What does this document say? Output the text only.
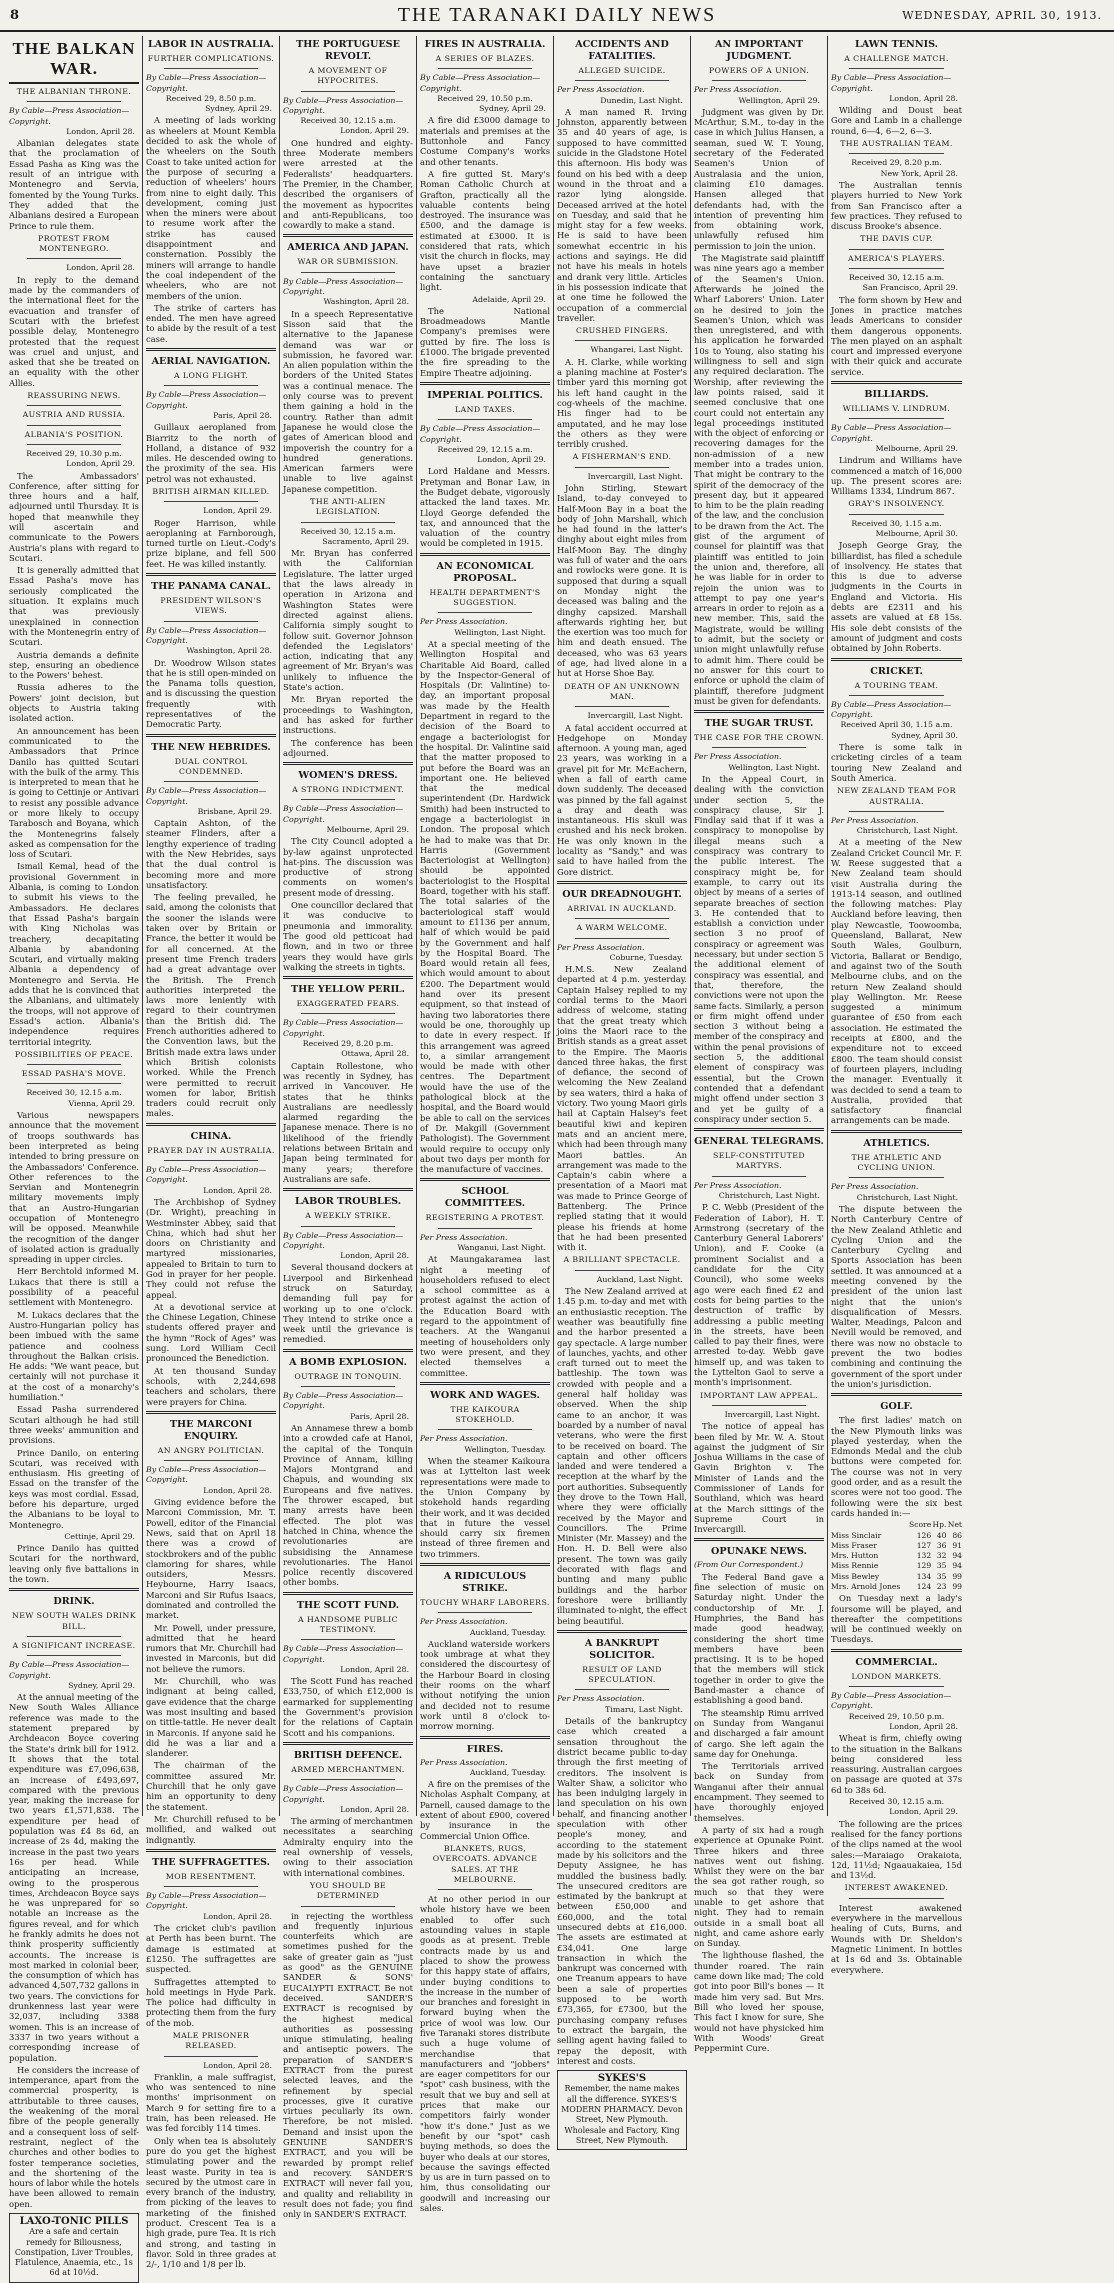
8	THE TARANAKI DAILY NEWS	WEDNESDAY, APRIL 30, 1913.
THE BALKAN WAR.
THE ALBANIAN THRONE.
By Cable—Press Association—Copyright.
London, April 28.

Albanian delegates state that the proclamation of Essad Pasha as King was the result of an intrigue with Montenegro and Servia, fomented by the Young Turks. They added that the Albanians desired a European Prince to rule them.

PROTEST FROM MONTENEGRO.
London, April 28.

In reply to the demand made by the commanders of the international fleet for the evacuation and transfer of Scutari with the briefest possible delay, Montenegro protested that the request was cruel and unjust, and asked that she be treated on an equality with the other Allies.

REASSURING NEWS.
AUSTRIA AND RUSSIA.
ALBANIA'S POSITION.
Received 29, 10.30 p.m.
London, April 29.

The Ambassadors' Conference, after sitting for three hours and a half, adjourned until Thursday. It is hoped that meanwhile they will ascertain and communicate to the Powers Austria's plans with regard to Scutari.

It is generally admitted that Essad Pasha's move has seriously complicated the situation. It explains much that was previously unexplained in connection with the Montenegrin entry of Scutari.

Austria demands a definite step, ensuring an obedience to the Powers' behest.

Russia adheres to the Powers' joint decision, but objects to Austria taking isolated action.

An announcement has been communicated to the Ambassadors that Prince Danilo has quitted Scutari with the bulk of the army. This is interpreted to mean that he is going to Cettinje or Antivari to resist any possible advance or more likely to occupy Tarabosch and Boyana, which the Montenegrins falsely asked as compensation for the loss of Scutari.

Ismail Kemal, head of the provisional Government in Albania, is coming to London to submit his views to the Ambassadors. He declares that Essad Pasha's bargain with King Nicholas was treachery, decapitating Albania by abandoning Scutari, and virtually making Albania a dependency of Montenegro and Servia. He adds that he is convinced that the Albanians, and ultimately the troops, will not approve of Essad's action. Albania's independence requires territorial integrity.

POSSIBILITIES OF PEACE.
ESSAD PASHA'S MOVE.
Received 30, 12.15 a.m.
Vienna, April 29.

Various newspapers announce that the movement of troops southwards has been interpreted as being intended to bring pressure on the Ambassadors' Conference. Other references to the Servian and Montenegrin military movements imply that an Austro-Hungarian occupation of Montenegro will be opposed. Meanwhile the recognition of the danger of isolated action is gradually spreading in upper circles.

Herr Berchtold informed M. Lukacs that there is still a possibility of a peaceful settlement with Montenegro.

M. Lukacs declares that the Austro-Hungarian policy has been imbued with the same patience and coolness throughout the Balkan crisis. He adds: "We want peace, but certainly will not purchase it at the cost of a monarchy's humiliation."

Essad Pasha surrendered Scutari although he had still three weeks' ammunition and provisions.

Prince Danilo, on entering Scutari, was received with enthusiasm. His greeting of Essad on the transfer of the keys was most cordial. Essad, before his departure, urged the Albanians to be loyal to Montenegro.

Cettinje, April 29.

Prince Danilo has quitted Scutari for the northward, leaving only five battalions in the town.

DRINK.
NEW SOUTH WALES DRINK BILL.
A SIGNIFICANT INCREASE.
By Cable—Press Association—Copyright.
Sydney, April 29.

At the annual meeting of the New South Wales Alliance reference was made to the statement prepared by Archdeacon Boyce covering the State's drink bill for 1912. It shows that the total expenditure was £7,096,638, an increase of £493,697, compared with the previous year, making the increase for two years £1,571,838. The expenditure per head of population was £4 8s 6d, an increase of 2s 4d, making the increase in the past two years 16s per head. While anticipating an increase, owing to the prosperous times, Archdeacon Boyce says he was unprepared for so notable an increase as the figures reveal, and for which he frankly admits he does not think prosperity sufficiently accounts. The increase is most marked in colonial beer, the consumption of which has advanced 4,507,732 gallons in two years. The convictions for drunkenness last year were 32,037, including 3388 women. This is an increase of 3337 in two years without a corresponding increase of population.

He considers the increase of intemperance, apart from the commercial prosperity, is attributable to three causes, the weakening of the moral fibre of the people generally and a consequent loss of self-restraint, neglect of the churches and other bodies to foster temperance societies, and the shortening of the hours of labor while the hotels have been allowed to remain open.

LAXO-TONIC PILLS
Are a safe and certain remedy for Biliousness, Constipation, Liver Troubles, Flatulence, Anaemia, etc., 1s 6d at 10½d.
LABOR IN AUSTRALIA.
FURTHER COMPLICATIONS.
By Cable—Press Association—Copyright.
Received 29, 8.50 p.m.
Sydney, April 29.

A meeting of lads working as wheelers at Mount Kembla decided to ask the whole of the wheelers on the South Coast to take united action for the purpose of securing a reduction of wheelers' hours from nine to eight daily. This development, coming just when the miners were about to resume work after the strike has caused disappointment and consternation. Possibly the miners will arrange to handle the coal independent of the wheelers, who are not members of the union.

The strike of carters has ended. The men have agreed to abide by the result of a test case.

AERIAL NAVIGATION.
A LONG FLIGHT.
By Cable—Press Association—Copyright.
Paris, April 28.

Guillaux aeroplaned from Biarritz to the north of Holland, a distance of 932 miles. He descended owing to the proximity of the sea. His petrol was not exhausted.

BRITISH AIRMAN KILLED.
London, April 29.

Roger Harrison, while aeroplaning at Farnborough, turned turtle on Lieut.-Cody's prize biplane, and fell 500 feet. He was killed instantly.

THE PANAMA CANAL.
PRESIDENT WILSON'S VIEWS.
By Cable—Press Association—Copyright.
Washington, April 28.

Dr. Woodrow Wilson states that he is still open-minded on the Panama tolls question, and is discussing the question frequently with representatives of the Democratic Party.

THE NEW HEBRIDES.
DUAL CONTROL CONDEMNED.
By Cable—Press Association—Copyright.
Brisbane, April 29.

Captain Ashton, of the steamer Flinders, after a lengthy experience of trading with the New Hebrides, says that the dual control is becoming more and more unsatisfactory.

The feeling prevailed, he said, among the colonists that the sooner the islands were taken over by Britain or France, the better it would be for all concerned. At the present time French traders had a great advantage over the British. The French authorities interpreted the laws more leniently with regard to their countrymen than the British did. The French authorities adhered to the Convention laws, but the British made extra laws under which British colonists worked. While the French were permitted to recruit women for labor, British traders could recruit only males.

CHINA.
PRAYER DAY IN AUSTRALIA.
By Cable—Press Association—Copyright.
London, April 28.

The Archbishop of Sydney (Dr. Wright), preaching in Westminster Abbey, said that China, which had shut her doors on Christianity and martyred missionaries, appealed to Britain to turn to God in prayer for her people. They could not refuse the appeal.

At a devotional service at the Chinese Legation, Chinese students offered prayer and the hymn "Rock of Ages" was sung. Lord William Cecil pronounced the Benediction.

At ten thousand Sunday schools, with 2,244,698 teachers and scholars, there were prayers for China.

THE MARCONI ENQUIRY.
AN ANGRY POLITICIAN.
By Cable—Press Association—Copyright.
London, April 28.

Giving evidence before the Marconi Commission, Mr. T. Powell, editor of the Financial News, said that on April 18 there was a crowd of stockbrokers and of the public clamoring for shares, while outsiders, Messrs. Heybourne, Harry Isaacs, Marconi and Sir Rufus Isaacs, dominated and controlled the market.

Mr. Powell, under pressure, admitted that he heard rumors that Mr. Churchill had invested in Marconis, but did not believe the rumors.

Mr. Churchill, who was indignant at being called, gave evidence that the charge was most insulting and based on tittle-tattle. He never dealt in Marconis. If anyone said he did he was a liar and a slanderer.

The chairman of the committee assured Mr. Churchill that he only gave him an opportunity to deny the statement.

Mr. Churchill refused to be mollified, and walked out indignantly.

THE SUFFRAGETTES.
MOB RESENTMENT.
By Cable—Press Association—Copyright.
London, April 28.

The cricket club's pavilion at Perth has been burnt. The damage is estimated at £1250. The suffragettes are suspected.

Suffragettes attempted to hold meetings in Hyde Park. The police had difficulty in protecting them from the fury of the mob.

MALE PRISONER RELEASED.
London, April 28.

Franklin, a male suffragist, who was sentenced to nine months' imprisonment on March 9 for setting fire to a train, has been released. He was fed forcibly 114 times.

Only when tea is absolutely pure do you get the highest stimulating power and the least waste. Purity in tea is secured by the utmost care in every branch of the industry, from picking of the leaves to marketing of the finished product. Crescent Tea is a high grade, pure Tea. It is rich and strong, and tasting in flavor. Sold in three grades at 2/-, 1/10 and 1/8 per lb.

THE PORTUGUESE REVOLT.
A MOVEMENT OF HYPOCRITES.
By Cable—Press Association—Copyright.
Received 30, 12.15 a.m.
London, April 29.

One hundred and eighty-three Moderate members were arrested at the Federalists' headquarters. The Premier, in the Chamber, described the organisers of the movement as hypocrites and anti-Republicans, too cowardly to make a stand.

AMERICA AND JAPAN.
WAR OR SUBMISSION.
By Cable—Press Association—Copyright.
Washington, April 28.

In a speech Representative Sisson said that the alternative to the Japanese demand was war or submission, he favored war. An alien population within the borders of the United States was a continual menace. The only course was to prevent them gaining a hold in the country. Rather than admit Japanese he would close the gates of American blood and impoverish the country for a hundred generations. American farmers were unable to live against Japanese competition.

THE ANTI-ALIEN LEGISLATION.
Received 30, 12.15 a.m.
Sacramento, April 29.

Mr. Bryan has conferred with the Californian Legislature. The latter urged that the laws already in operation in Arizona and Washington States were directed against aliens. California simply sought to follow suit. Governor Johnson defended the Legislators' action, indicating that any agreement of Mr. Bryan's was unlikely to influence the State's action.

Mr. Bryan reported the proceedings to Washington, and has asked for further instructions.

The conference has been adjourned.

WOMEN'S DRESS.
A STRONG INDICTMENT.
By Cable—Press Association—Copyright.
Melbourne, April 29.

The City Council adopted a by-law against unprotected hat-pins. The discussion was productive of strong comments on women's present mode of dressing.

One councillor declared that it was conducive to pneumonia and immorality. The good old petticoat had flown, and in two or three years they would have girls walking the streets in tights.

THE YELLOW PERIL.
EXAGGERATED FEARS.
By Cable—Press Association—Copyright.
Received 29, 8.20 p.m.
Ottawa, April 28.

Captain Rollestone, who was recently in Sydney, has arrived in Vancouver. He states that he thinks Australians are needlessly alarmed regarding the Japanese menace. There is no likelihood of the friendly relations between Britain and Japan being terminated for many years; therefore Australians are safe.

LABOR TROUBLES.
A WEEKLY STRIKE.
By Cable—Press Association—Copyright.
London, April 28.

Several thousand dockers at Liverpool and Birkenhead struck on Saturday, demanding full pay for working up to one o'clock. They intend to strike once a week until the grievance is remedied.

A BOMB EXPLOSION.
OUTRAGE IN TONQUIN.
By Cable—Press Association—Copyright.
Paris, April 28.

An Annamese threw a bomb into a crowded cafe at Hanoi, the capital of the Tonquin Province of Annam, killing Majors Montgrand and Chapuis, and wounding six Europeans and five natives. The thrower escaped, but many arrests have been effected. The plot was hatched in China, whence the revolutionaries are subsidising the Annamese revolutionaries. The Hanoi police recently discovered other bombs.

THE SCOTT FUND.
A HANDSOME PUBLIC TESTIMONY.
By Cable—Press Association—Copyright.
London, April 28.

The Scott Fund has reached £33,750, of which £12,000 is earmarked for supplementing the Government's provision for the relations of Captain Scott and his companions.

BRITISH DEFENCE.
ARMED MERCHANTMEN.
By Cable—Press Association—Copyright.
London, April 28.

The arming of merchantmen necessitates a searching Admiralty enquiry into the real ownership of vessels, owing to their association with international combines.

YOU SHOULD BE DETERMINED

in rejecting the worthless and frequently injurious counterfeits which are sometimes pushed for the sake of greater gain as "just as good" as the GENUINE SANDER & SONS' EUCALYPTI EXTRACT. Be not deceived. SANDER'S EXTRACT is recognised by the highest medical authorities as possessing unique stimulating, healing and antiseptic powers. The preparation of SANDER'S EXTRACT from the purest selected leaves, and the refinement by special processes, give it curative virtues peculiarly its own. Therefore, be not misled. Demand and insist upon the GENUINE SANDER'S EXTRACT, and you will be rewarded by prompt relief and recovery. SANDER'S EXTRACT will never fail you, and quality and reliability in result does not fade; you find only in SANDER'S EXTRACT.

FIRES IN AUSTRALIA.
A SERIES OF BLAZES.
By Cable—Press Association—Copyright.
Received 29, 10.50 p.m.
Sydney, April 29.

A fire did £3000 damage to materials and premises at the Buttonhole and Fancy Costume Company's works and other tenants.

A fire gutted St. Mary's Roman Catholic Church at Grafton, practically all the valuable contents being destroyed. The insurance was £500, and the damage is estimated at £3000. It is considered that rats, which visit the church in flocks, may have upset a brazier containing the sanctuary light.

Adelaide, April 29.

The National Broadmeadows Mantle Company's premises were gutted by fire. The loss is £1000. The brigade prevented the fire spreading to the Empire Theatre adjoining.

IMPERIAL POLITICS.
LAND TAXES.
By Cable—Press Association—Copyright.
Received 29, 12.15 a.m.
London, April 29.

Lord Haldane and Messrs. Pretyman and Bonar Law, in the Budget debate, vigorously attacked the land taxes. Mr. Lloyd George defended the tax, and announced that the valuation of the country would be completed in 1915.

AN ECONOMICAL PROPOSAL.
HEALTH DEPARTMENT'S SUGGESTION.
Per Press Association.
Wellington, Last Night.

At a special meeting of the Wellington Hospital and Charitable Aid Board, called by the Inspector-General of Hospitals (Dr. Valintine) to-day, an important proposal was made by the Health Department in regard to the decision of the Board to engage a bacteriologist for the hospital. Dr. Valintine said that the matter proposed to put before the Board was an important one. He believed that the medical superintendent (Dr. Hardwick Smith) had been instructed to engage a bacteriologist in London. The proposal which he had to make was that Dr. Harris (Government Bacteriologist at Wellington) should be appointed bacteriologist to the Hospital Board, together with his staff. The total salaries of the bacteriological staff would amount to £1136 per annum, half of which would be paid by the Government and half by the Hospital Board. The Board would retain all fees, which would amount to about £200. The Department would hand over its present equipment, so that instead of having two laboratories there would be one, thoroughly up to date in every respect. If this arrangement was agreed to, a similar arrangement would be made with other centres. The Department would have the use of the pathological block at the hospital, and the Board would be able to call on the services of Dr. Makgill (Government Pathologist). The Government would require to occupy only about two days per month for the manufacture of vaccines.

SCHOOL COMMITTEES.
REGISTERING A PROTEST.
Per Press Association.
Wanganui, Last Night.

At Maungakaramea last night a meeting of householders refused to elect a school committee as a protest against the action of the Education Board with regard to the appointment of teachers. At the Wanganui meeting of householders only two were present, and they elected themselves a committee.

WORK AND WAGES.
THE KAIKOURA STOKEHOLD.
Per Press Association.
Wellington, Tuesday.

When the steamer Kaikoura was at Lyttelton last week representations were made to the Union Company by stokehold hands regarding their work, and it was decided that in future the vessel should carry six firemen instead of three firemen and two trimmers.

A RIDICULOUS STRIKE.
TOUCHY WHARF LABORERS.
Per Press Association.
Auckland, Tuesday.

Auckland waterside workers took umbrage at what they considered the discourtesy of the Harbour Board in closing their rooms on the wharf without notifying the union and decided not to resume work until 8 o'clock to-morrow morning.

FIRES.
Per Press Association.
Auckland, Tuesday.

A fire on the premises of the Nicholas Asphalt Company, at Parnell, caused damage to the extent of about £900, covered by insurance in the Commercial Union Office.

BLANKETS, RUGS, OVERCOATS. ADVANCE SALES. AT THE MELBOURNE.

At no other period in our whole history have we been enabled to offer such astounding values in staple goods as at present. Treble contracts made by us and placed to show the prowess for this happy state of affairs, under buying conditions to the increase in the number of our branches and foresight in forward buying when the price of wool was low. Our five Taranaki stores distribute such a huge volume of merchandise that manufacturers and "jobbers" are eager competitors for our "spot" cash business, with the result that we buy and sell at prices that make our competitors fairly wonder "how it's done." Just as we benefit by our "spot" cash buying methods, so does the buyer who deals at our stores, because the savings effected by us are in turn passed on to him, thus consolidating our goodwill and increasing our sales.

ACCIDENTS AND FATALITIES.
ALLEGED SUICIDE.
Per Press Association.
Dunedin, Last Night.

A man named R. Irving Johnston, apparently between 35 and 40 years of age, is supposed to have committed suicide in the Gladstone Hotel this afternoon. His body was found on his bed with a deep wound in the throat and a razor lying alongside. Deceased arrived at the hotel on Tuesday, and said that he might stay for a few weeks. He is said to have been somewhat eccentric in his actions and sayings. He did not have his meals in hotels and drank very little. Articles in his possession indicate that at one time he followed the occupation of a commercial traveller.

CRUSHED FINGERS.
Whangarei, Last Night.

A. H. Clarke, while working a planing machine at Foster's timber yard this morning got his left hand caught in the cog-wheels of the machine. His finger had to be amputated, and he may lose the others as they were terribly crushed.

A FISHERMAN'S END.
Invercargill, Last Night.

John Stirling, Stewart Island, to-day conveyed to Half-Moon Bay in a boat the body of John Marshall, which he had found in the latter's dinghy about eight miles from Half-Moon Bay. The dinghy was full of water and the oars and rowlocks were gone. It is supposed that during a squall on Monday night the deceased was baling and the dinghy capsized. Marshall afterwards righting her, but the exertion was too much for him and death ensued. The deceased, who was 63 years of age, had lived alone in a hut at Horse Shoe Bay.

DEATH OF AN UNKNOWN MAN.
Invercargill, Last Night.

A fatal accident occurred at Hedgehope on Monday afternoon. A young man, aged 23 years, was working in a gravel pit for Mr. McEachern, when a fall of earth came down suddenly. The deceased was pinned by the fall against a dray and death was instantaneous. His skull was crushed and his neck broken. He was only known in the locality as "Sandy," and was said to have hailed from the Gore district.

OUR DREADNOUGHT.
ARRIVAL IN AUCKLAND.
A WARM WELCOME.
Per Press Association.
Coburne, Tuesday.

H.M.S. New Zealand departed at 4 p.m. yesterday. Captain Halsey replied to my cordial terms to the Maori address of welcome, stating that the great treaty which joins the Maori race to the British stands as a great asset to the Empire. The Maoris danced three hakas, the first of defiance, the second of welcoming the New Zealand by sea waters, third a haka of victory. Two young Maori girls hail at Captain Halsey's feet beautiful kiwi and kepiren mats and an ancient mere, which had been through many Maori battles. An arrangement was made to the Captain's cabin where a presentation of a Maori mat was made to Prince George of Battenberg. The Prince replied stating that it would please his friends at home that he had been presented with it.

A BRILLIANT SPECTACLE.
Auckland, Last Night.

The New Zealand arrived at 1.45 p.m. to-day and met with an enthusiastic reception. The weather was beautifully fine and the harbor presented a gay spectacle. A large number of launches, yachts, and other craft turned out to meet the battleship. The town was crowded with people and a general half holiday was observed. When the ship came to an anchor, it was boarded by a number of naval veterans, who were the first to be received on board. The captain and other officers landed and were tendered a reception at the wharf by the port authorities. Subsequently they drove to the Town Hall, where they were officially received by the Mayor and Councillors. The Prime Minister (Mr. Massey) and the Hon. H. D. Bell were also present. The town was gaily decorated with flags and bunting and many public buildings and the harbor foreshore were brilliantly illuminated to-night, the effect being beautiful.

A BANKRUPT SOLICITOR.
RESULT OF LAND SPECULATION.
Per Press Association.
Timaru, Last Night.

Details of the bankruptcy case which created a sensation throughout the district became public to-day through the first meeting of creditors. The insolvent is Walter Shaw, a solicitor who has been indulging largely in land speculation on his own behalf, and financing another speculation with other people's money, and according to the statement made by his solicitors and the Deputy Assignee, he has muddled the business badly. The unsecured creditors are estimated by the bankrupt at between £50,000 and £60,000, and the total unsecured debts at £16,000. The assets are estimated at £34,041. One large transaction in which the bankrupt was concerned with one Treanum appears to have been a sale of properties supposed to be worth £73,365, for £7300, but the purchasing company refuses to extract the bargain, the selling agent having failed to repay the deposit, with interest and costs.

SYKES'S
Remember, the name makes all the difference. SYKES'S MODERN PHARMACY. Devon Street, New Plymouth. Wholesale and Factory, King Street, New Plymouth.
AN IMPORTANT JUDGMENT.
POWERS OF A UNION.
Per Press Association.
Wellington, April 29.

Judgment was given by Dr. McArthur, S.M., to-day in the case in which Julius Hansen, a seaman, sued W. T. Young, secretary of the Federated Seamen's Union of Australasia and the union, claiming £10 damages. Hansen alleged that defendants had, with the intention of preventing him from obtaining work, unlawfully refused him permission to join the union.

The Magistrate said plaintiff was nine years ago a member of the Seamen's Union. Afterwards he joined the Wharf Laborers' Union. Later on he desired to join the Seamen's Union, which was then unregistered, and with his application he forwarded 10s to Young, also stating his willingness to sell and sign any required declaration. The Worship, after reviewing the law points raised, said it seemed conclusive that one court could not entertain any legal proceedings instituted with the object of enforcing or recovering damages for the non-admission of a new member into a trades union. That might be contrary to the spirit of the democracy of the present day, but it appeared to him to be the plain reading of the law, and the conclusion to be drawn from the Act. The gist of the argument of counsel for plaintiff was that plaintiff was entitled to join the union and, therefore, all he was liable for in order to rejoin the union was to attempt to pay one year's arrears in order to rejoin as a new member. This, said the Magistrate, would be willing to admit, but the society or union might unlawfully refuse to admit him. There could be no answer for this court to enforce or uphold the claim of plaintiff, therefore judgment must be given for defendants.

THE SUGAR TRUST.
THE CASE FOR THE CROWN.
Per Press Association.
Wellington, Last Night.

In the Appeal Court, in dealing with the conviction under section 5, the conspiracy clause, Sir J. Findlay said that if it was a conspiracy to monopolise by illegal means such a conspiracy was contrary to the public interest. The conspiracy might be, for example, to carry out its object by means of a series of separate breaches of section 3. He contended that to establish a conviction under section 3 no proof of conspiracy or agreement was necessary, but under section 5 the additional element of conspiracy was essential, and that, therefore, the convictions were not upon the same facts. Similarly, a person or firm might offend under section 3 without being a member of the conspiracy and within the penal provisions of section 5, the additional element of conspiracy was essential, but the Crown contended that a defendant might offend under section 3 and yet be guilty of a conspiracy under section 5.

GENERAL TELEGRAMS.
SELF-CONSTITUTED MARTYRS.
Per Press Association.
Christchurch, Last Night.

P. C. Webb (President of the Federation of Labor), H. T. Armstrong (secretary of the Canterbury General Laborers' Union), and F. Cooke (a prominent Socialist and a candidate for the City Council), who some weeks ago were each fined £2 and costs for being parties to the destruction of traffic by addressing a public meeting in the streets, have been called to pay their fines, were arrested to-day. Webb gave himself up, and was taken to the Lyttelton Gaol to serve a month's imprisonment.

IMPORTANT LAW APPEAL.
Invercargill, Last Night.

The notice of appeal has been filed by Mr. W. A. Stout against the judgment of Sir Joshua Williams in the case of Gavin Brighton v. The Minister of Lands and the Commissioner of Lands for Southland, which was heard at the March sittings of the Supreme Court in Invercargill.

OPUNAKE NEWS.
(From Our Correspondent.)

The Federal Band gave a fine selection of music on Saturday night. Under the conductorship of Mr. J. Humphries, the Band has made good headway, considering the short time members have been practising. It is to be hoped that the members will stick together in order to give the Band-master a chance of establishing a good band.

The steamship Rimu arrived on Sunday from Wanganui and discharged a fair amount of cargo. She left again the same day for Onehunga.

The Territorials arrived back on Sunday from Wanganui after their annual encampment. They seemed to have thoroughly enjoyed themselves.

A party of six had a rough experience at Opunake Point. Three hikers and three natives went out fishing. Whilst they were on the bar the sea got rather rough, so much so that they were unable to get ashore that night. They had to remain outside in a small boat all night, and came ashore early on Sunday.

The lighthouse flashed, the thunder roared. The rain came down like mad; The cold got into poor Bill's bones — It made him very sad. But Mrs. Bill who loved her spouse, This fact I know for sure, She would not have physicked him With Woods' Great Peppermint Cure.

LAWN TENNIS.
A CHALLENGE MATCH.
By Cable—Press Association—Copyright.
London, April 28.

Wilding and Doust beat Gore and Lamb in a challenge round, 6—4, 6—2, 6—3.

THE AUSTRALIAN TEAM.
Received 29, 8.20 p.m.
New York, April 28.

The Australian tennis players hurried to New York from San Francisco after a few practices. They refused to discuss Brooke's absence.

THE DAVIS CUP.
AMERICA'S PLAYERS.
Received 30, 12.15 a.m.
San Francisco, April 29.

The form shown by Hew and Jones in practice matches leads Americans to consider them dangerous opponents. The men played on an asphalt court and impressed everyone with their quick and accurate service.

BILLIARDS.
WILLIAMS V. LINDRUM.
By Cable—Press Association—Copyright.
Melbourne, April 29.

Lindrum and Williams have commenced a match of 16,000 up. The present scores are: Williams 1334, Lindrum 867.

GRAY'S INSOLVENCY.
Received 30, 1.15 a.m.
Melbourne, April 30.

Joseph George Gray, the billiardist, has filed a schedule of insolvency. He states that this is due to adverse judgments in the Courts in England and Victoria. His debts are £2311 and his assets are valued at £8 15s. His sole debt consists of the amount of judgment and costs obtained by John Roberts.

CRICKET.
A TOURING TEAM.
By Cable—Press Association—Copyright.
Received April 30, 1.15 a.m.
Sydney, April 30.

There is some talk in cricketing circles of a team touring New Zealand and South America.

NEW ZEALAND TEAM FOR AUSTRALIA.
Per Press Association.
Christchurch, Last Night.

At a meeting of the New Zealand Cricket Council Mr. F. W. Reese suggested that a New Zealand team should visit Australia during the 1913-14 season, and outlined the following matches: Play Auckland before leaving, then play Newcastle, Toowoomba, Queensland, Ballarat, New South Wales, Goulburn, Victoria, Ballarat or Bendigo, and against two of the South Melbourne clubs, and on the return New Zealand should play Wellington. Mr. Reese suggested a minimum guarantee of £50 from each association. He estimated the receipts at £800, and the expenditure not to exceed £800. The team should consist of fourteen players, including the manager. Eventually it was decided to send a team to Australia, provided that satisfactory financial arrangements can be made.

ATHLETICS.
THE ATHLETIC AND CYCLING UNION.
Per Press Association.
Christchurch, Last Night.

The dispute between the North Canterbury Centre of the New Zealand Athletic and Cycling Union and the Canterbury Cycling and Sports Association has been settled. It was announced at a meeting convened by the president of the union last night that the union's disqualification of Messrs. Walter, Meadings, Palcon and Nevill would be removed, and there was now no obstacle to prevent the two bodies combining and continuing the government of the sport under the union's jurisdiction.

GOLF.

The first ladies' match on the New Plymouth links was played yesterday, when the Edmonds Medal and the club buttons were competed for. The course was not in very good order, and as a result the scores were not too good. The following were the six best cards handed in:—

	Score	Hp.	Net
Miss Sinclair	126	40	86
Miss Fraser	127	36	91
Mrs. Hutton	132	32	94
Miss Rennie	129	35	94
Miss Bewley	134	35	99
Mrs. Arnold Jones	124	23	99

On Tuesday next a lady's foursome will be played, and thereafter the competitions will be continued weekly on Tuesdays.

COMMERCIAL.
LONDON MARKETS.
By Cable—Press Association—Copyright.
Received 29, 10.50 p.m.
London, April 28.

Wheat is firm, chiefly owing to the situation in the Balkans being considered less reassuring. Australian cargoes on passage are quoted at 37s 6d to 38s 6d.

Received 30, 12.15 a.m.
London, April 29.

The following are the prices realised for the fancy portions of the clips named at the wool sales:—Maraiago Orakaiota, 12d, 11½d; Ngaauakaiea, 15d and 13½d.

INTEREST AWAKENED.

Interest awakened everywhere in the marvellous healing of Cuts, Burns, and Wounds with Dr. Sheldon's Magnetic Liniment. In bottles at 1s 6d and 3s. Obtainable everywhere.
